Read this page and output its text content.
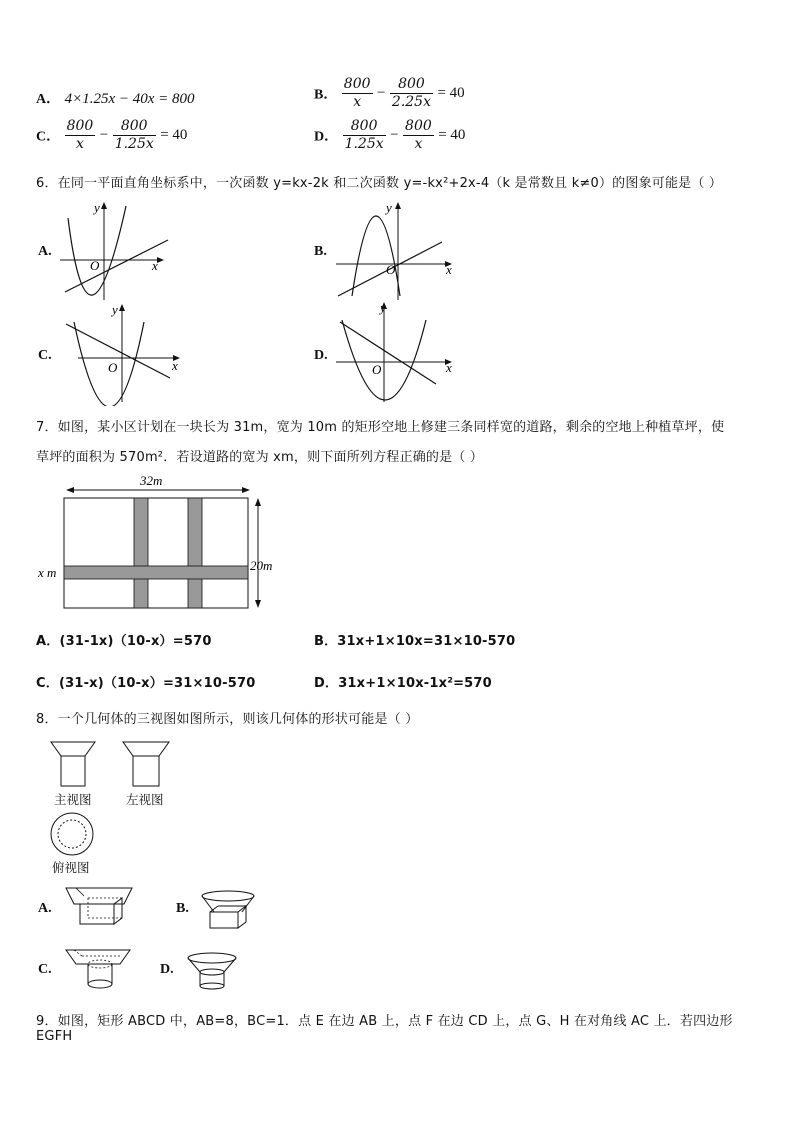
A． 4×1.25x − 40x = 800	B． $\frac{800}{x} - \frac{800}{2.25x} = 40$
C． $\frac{800}{x} - \frac{800}{1.25x} = 40$	D． $\frac{800}{1.25x} - \frac{800}{x} = 40$
6．在同一平面直角坐标系中，一次函数 y=kx-2k 和二次函数 y=-kx²+2x-4（k 是常数且 k≠0）的图象可能是（ ）
A.
y
x
O
B.
y
x
O
C.
y
x
O
D.
y
x
O
7．如图，某小区计划在一块长为 31m，宽为 10m 的矩形空地上修建三条同样宽的道路，剩余的空地上种植草坪，使
草坪的面积为 570m²．若设道路的宽为 xm，则下面所列方程正确的是（ ）
32m
20m
x m
A．(31-1x)（10-x）=570	B．31x+1×10x=31×10-570
C．(31-x)（10-x）=31×10-570	D．31x+1×10x-1x²=570
8．一个几何体的三视图如图所示，则该几何体的形状可能是（ ）
主视图	左视图
俯视图
A.	B.
C.	D.
9．如图，矩形 ABCD 中，AB=8，BC=1．点 E 在边 AB 上，点 F 在边 CD 上，点 G、H 在对角线 AC 上．若四边形 EGFH
